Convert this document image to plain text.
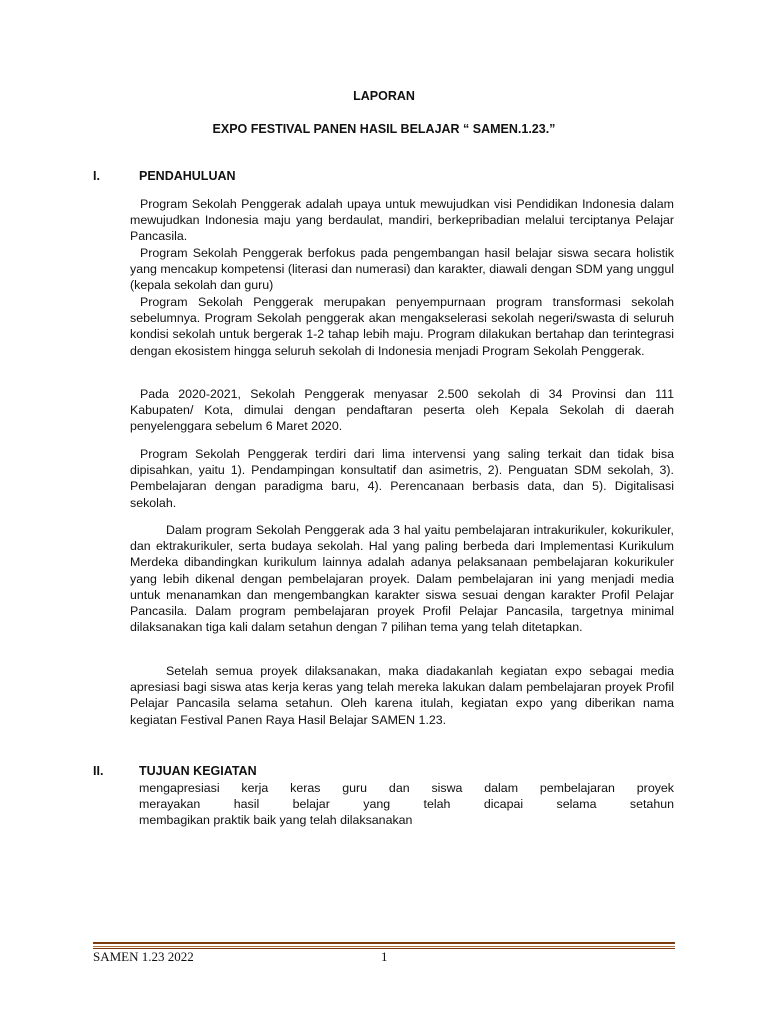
LAPORAN
EXPO FESTIVAL PANEN HASIL BELAJAR “ SAMEN.1.23.”
I.	PENDAHULUAN

Program Sekolah Penggerak adalah upaya untuk mewujudkan visi Pendidikan Indonesia dalam mewujudkan Indonesia maju yang berdaulat, mandiri, berkepribadian melalui terciptanya Pelajar Pancasila.

Program Sekolah Penggerak berfokus pada pengembangan hasil belajar siswa secara holistik yang mencakup kompetensi (literasi dan numerasi) dan karakter, diawali dengan SDM yang unggul (kepala sekolah dan guru)

Program Sekolah Penggerak merupakan penyempurnaan program transformasi sekolah sebelumnya. Program Sekolah penggerak akan mengakselerasi sekolah negeri/swasta di seluruh kondisi sekolah untuk bergerak 1-2 tahap lebih maju. Program dilakukan bertahap dan terintegrasi dengan ekosistem hingga seluruh sekolah di Indonesia menjadi Program Sekolah Penggerak.

Pada 2020-2021, Sekolah Penggerak menyasar 2.500 sekolah di 34 Provinsi dan 111 Kabupaten/ Kota, dimulai dengan pendaftaran peserta oleh Kepala Sekolah di daerah penyelenggara sebelum 6 Maret 2020.

Program Sekolah Penggerak terdiri dari lima intervensi yang saling terkait dan tidak bisa dipisahkan, yaitu 1). Pendampingan konsultatif dan asimetris, 2). Penguatan SDM sekolah, 3). Pembelajaran dengan paradigma baru, 4). Perencanaan berbasis data, dan 5). Digitalisasi sekolah.

Dalam program Sekolah Penggerak ada 3 hal yaitu pembelajaran intrakurikuler, kokurikuler, dan ektrakurikuler, serta budaya sekolah. Hal yang paling berbeda dari Implementasi Kurikulum Merdeka dibandingkan kurikulum lainnya adalah adanya pelaksanaan pembelajaran kokurikuler yang lebih dikenal dengan pembelajaran proyek. Dalam pembelajaran ini yang menjadi media untuk menanamkan dan mengembangkan karakter siswa sesuai dengan karakter Profil Pelajar Pancasila. Dalam program pembelajaran proyek Profil Pelajar Pancasila, targetnya minimal dilaksanakan tiga kali dalam setahun dengan 7 pilihan tema yang telah ditetapkan.

Setelah semua proyek dilaksanakan, maka diadakanlah kegiatan expo sebagai media apresiasi bagi siswa atas kerja keras yang telah mereka lakukan dalam pembelajaran proyek Profil Pelajar Pancasila selama setahun. Oleh karena itulah, kegiatan expo yang diberikan nama kegiatan Festival Panen Raya Hasil Belajar SAMEN 1.23.

II.	TUJUAN KEGIATAN
mengapresiasi kerja keras guru dan siswa dalam pembelajaran proyek
merayakan hasil belajar yang telah dicapai selama setahun
membagikan praktik baik yang telah dilaksanakan
SAMEN 1.23 2022	1
